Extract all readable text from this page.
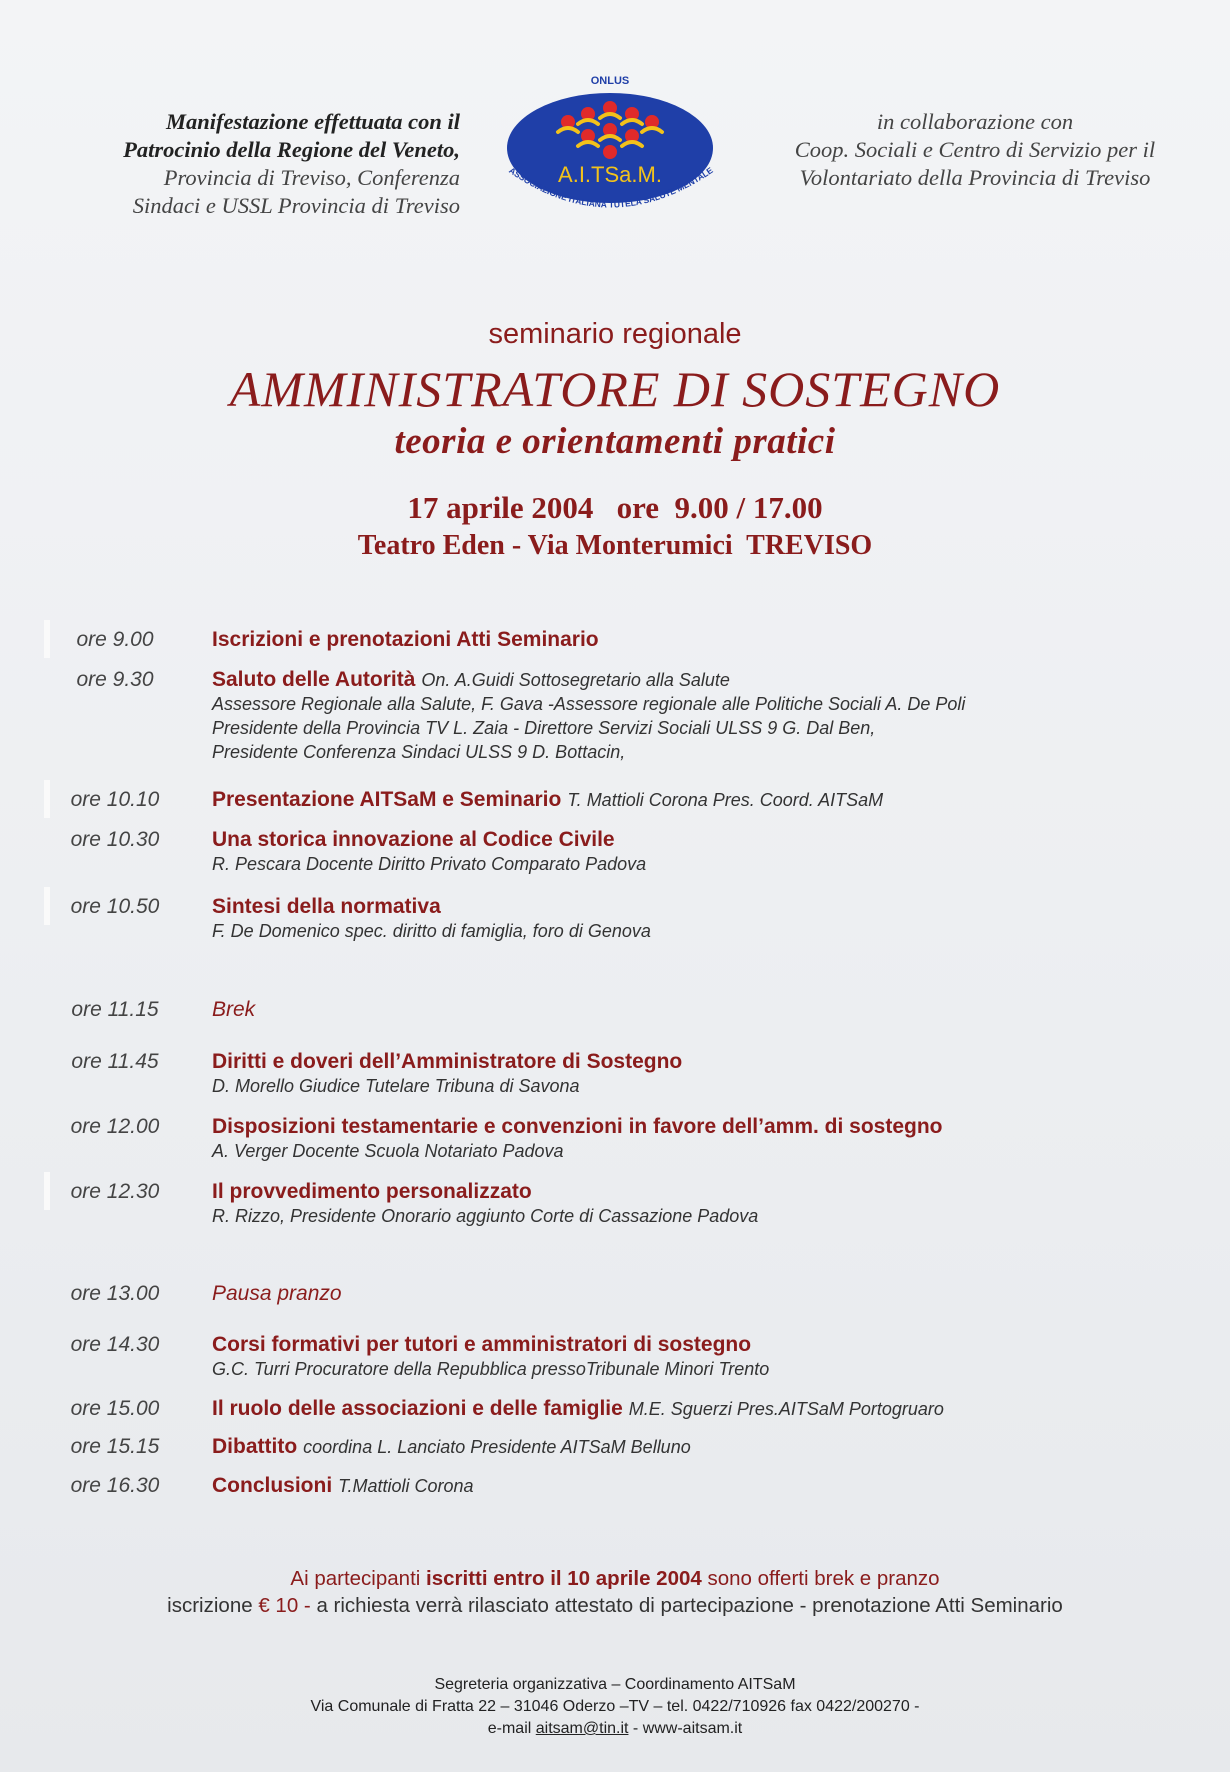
Manifestazione effettuata con il
Patrocinio della Regione del Veneto,
Provincia di Treviso, Conferenza
Sindaci e USSL Provincia di Treviso
ONLUS
A.I.TSa.M.
ASSOCIAZIONE ITALIANA TUTELA SALUTE MENTALE
in collaborazione con
Coop. Sociali e Centro di Servizio per il
Volontariato della Provincia di Treviso
seminario regionale
AMMINISTRATORE DI SOSTEGNO
teoria e orientamenti pratici
17 aprile 2004   ore  9.00 / 17.00
Teatro Eden - Via Monterumici  TREVISO
ore 9.00	Iscrizioni e prenotazioni Atti Seminario
ore 9.30	Saluto delle Autorità On. A.Guidi Sottosegretario alla Salute
Assessore Regionale alla Salute, F. Gava -Assessore regionale alle Politiche Sociali A. De Poli
Presidente della Provincia TV L. Zaia - Direttore Servizi Sociali ULSS 9 G. Dal Ben,
Presidente Conferenza Sindaci ULSS 9 D. Bottacin,
ore 10.10	Presentazione AITSaM e Seminario T. Mattioli Corona Pres. Coord. AITSaM
ore 10.30	Una storica innovazione al Codice Civile
R. Pescara Docente Diritto Privato Comparato Padova
ore 10.50	Sintesi della normativa
F. De Domenico spec. diritto di famiglia, foro di Genova
ore 11.15	Brek
ore 11.45	Diritti e doveri dell’Amministratore di Sostegno
D. Morello Giudice Tutelare Tribuna di Savona
ore 12.00	Disposizioni testamentarie e convenzioni in favore dell’amm. di sostegno
A. Verger Docente Scuola Notariato Padova
ore 12.30	Il provvedimento personalizzato
R. Rizzo, Presidente Onorario aggiunto Corte di Cassazione Padova
ore 13.00	Pausa pranzo
ore 14.30	Corsi formativi per tutori e amministratori di sostegno
G.C. Turri Procuratore della Repubblica pressoTribunale Minori Trento
ore 15.00	Il ruolo delle associazioni e delle famiglie M.E. Sguerzi Pres.AITSaM Portogruaro
ore 15.15	Dibattito coordina L. Lanciato Presidente AITSaM Belluno
ore 16.30	Conclusioni T.Mattioli Corona
Ai partecipanti iscritti entro il 10 aprile 2004 sono offerti brek e pranzo
iscrizione € 10 - a richiesta verrà rilasciato attestato di partecipazione - prenotazione Atti Seminario
Segreteria organizzativa – Coordinamento AITSaM
Via Comunale di Fratta 22 – 31046 Oderzo –TV – tel. 0422/710926 fax 0422/200270 -
e-mail aitsam@tin.it - www-aitsam.it
